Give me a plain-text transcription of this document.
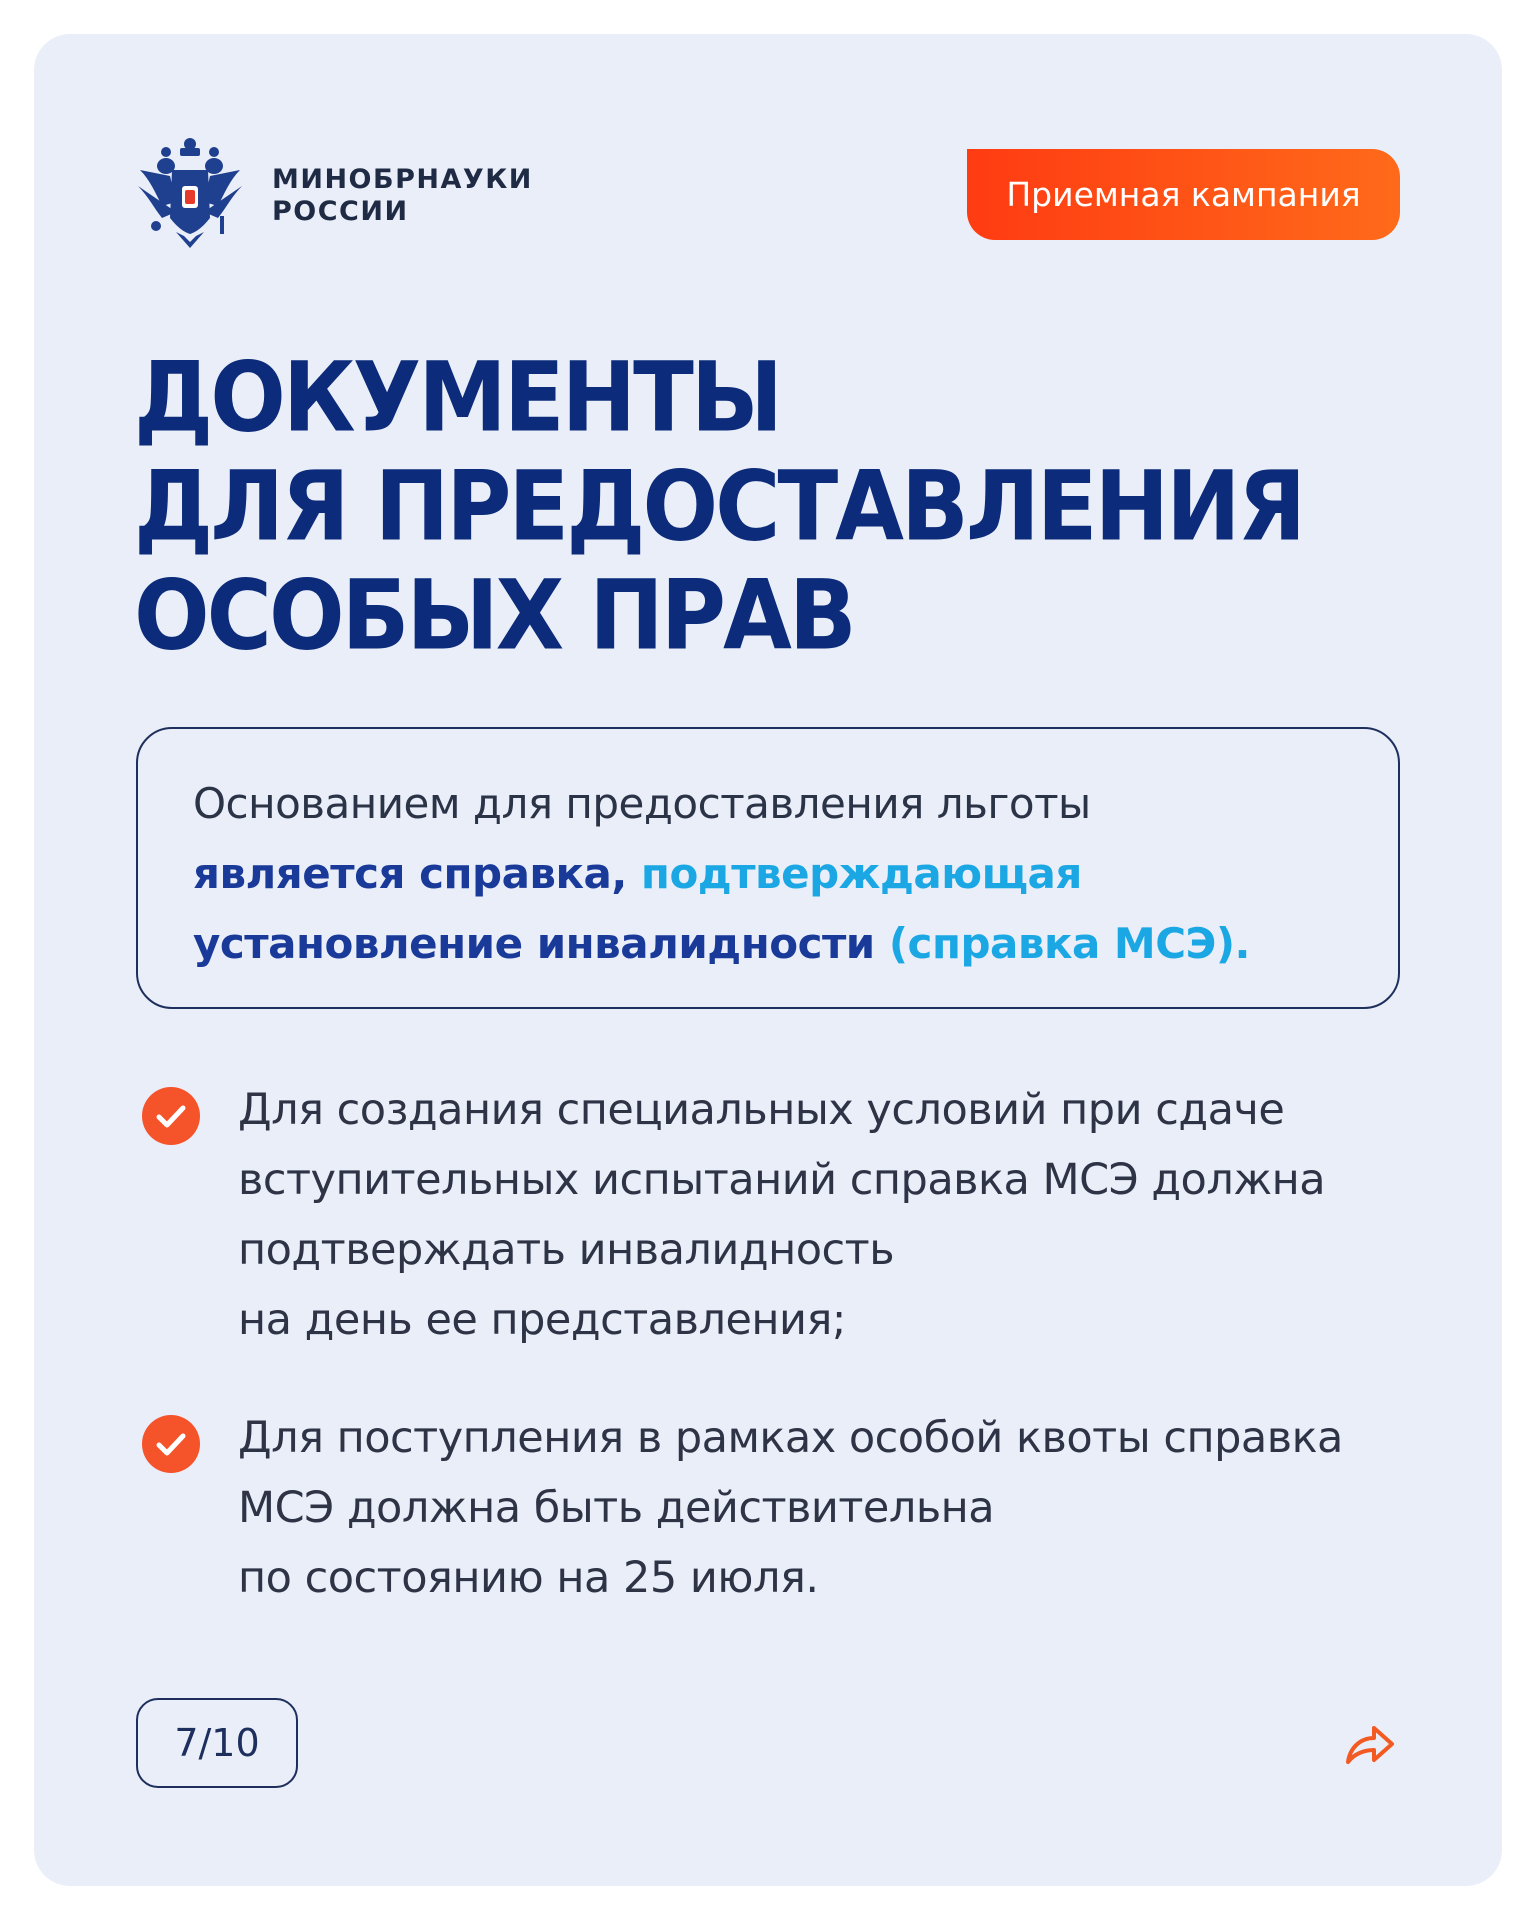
МИНОБРНАУКИ
РОССИИ	Приемная кампания
ДОКУМЕНТЫ
ДЛЯ ПРЕДОСТАВЛЕНИЯ
ОСОБЫХ ПРАВ
Основанием для предоставления льготы
является справка, подтверждающая
установление инвалидности (справка МСЭ).
Для создания специальных условий при сдаче
вступительных испытаний справка МСЭ должна
подтверждать инвалидность
на день ее представления;
Для поступления в рамках особой квоты справка
МСЭ должна быть действительна
по состоянию на 25 июля.
7/10
